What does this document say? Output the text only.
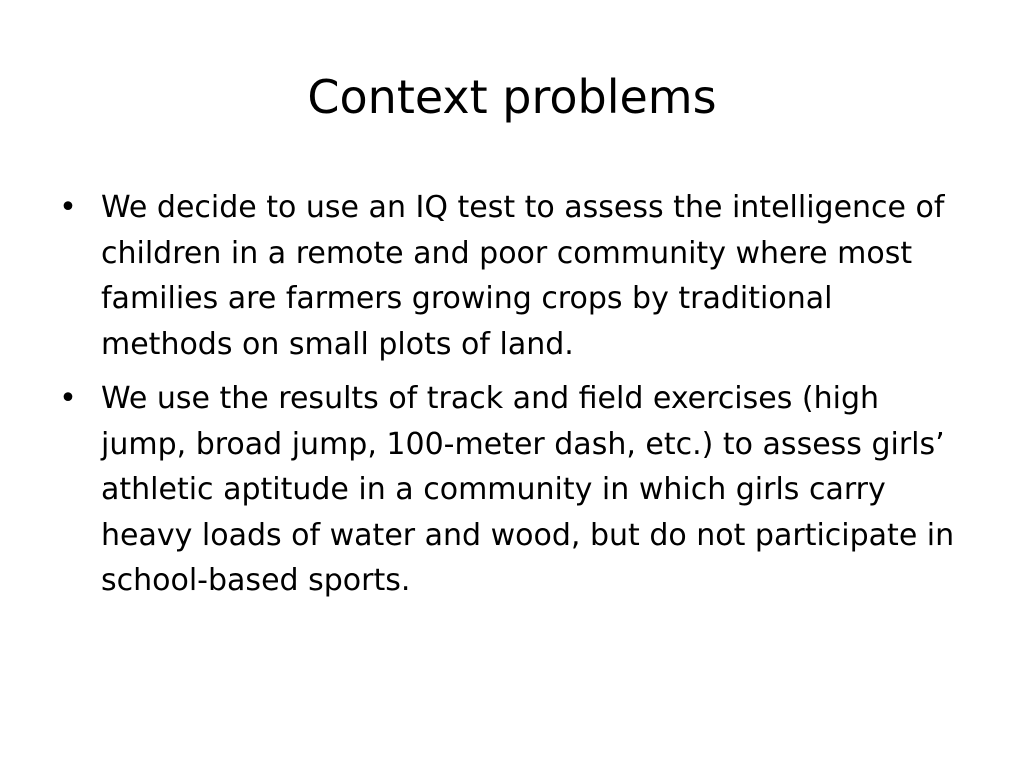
Context problems
• We decide to use an IQ test to assess the intelligence of children in a remote and poor community where most families are farmers growing crops by traditional methods on small plots of land.
• We use the results of track and field exercises (high jump, broad jump, 100-meter dash, etc.) to assess girls’ athletic aptitude in a community in which girls carry heavy loads of water and wood, but do not participate in school-based sports.
